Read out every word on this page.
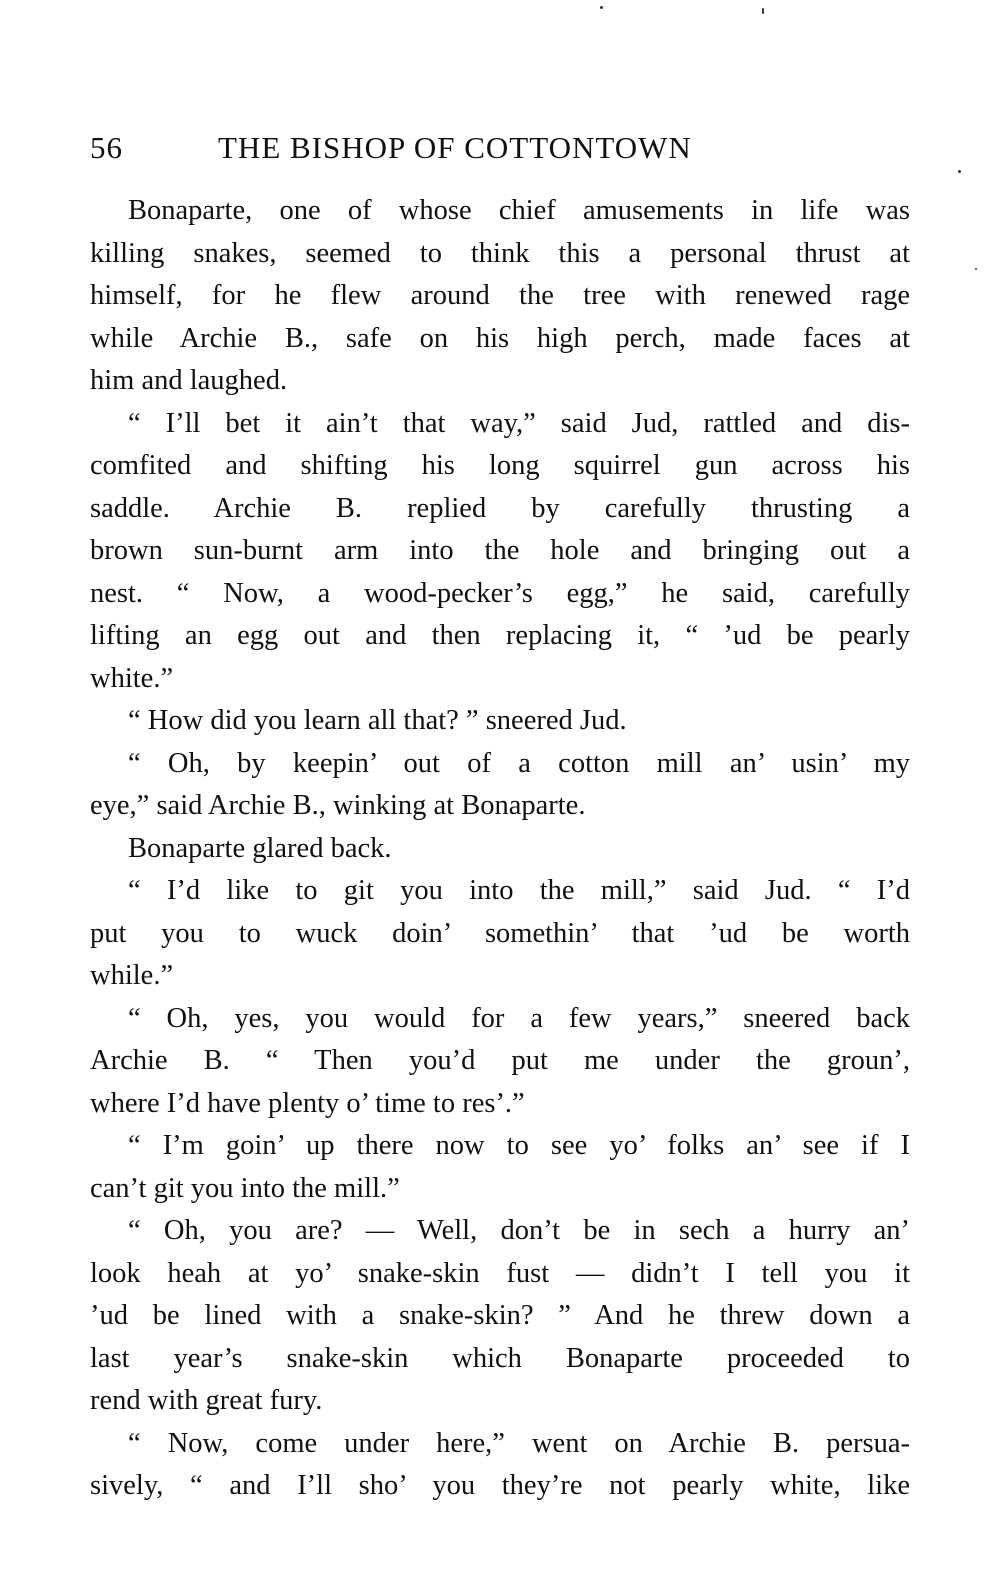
56	THE BISHOP OF COTTONTOWN
Bonaparte, one of whose chief amusements in life was
killing snakes, seemed to think this a personal thrust at
himself, for he flew around the tree with renewed rage
while Archie B., safe on his high perch, made faces at
him and laughed.
“ I’ll bet it ain’t that way,” said Jud, rattled and dis-
comfited and shifting his long squirrel gun across his
saddle. Archie B. replied by carefully thrusting a
brown sun-burnt arm into the hole and bringing out a
nest. “ Now, a wood-pecker’s egg,” he said, carefully
lifting an egg out and then replacing it, “ ’ud be pearly
white.”
“ How did you learn all that? ” sneered Jud.
“ Oh, by keepin’ out of a cotton mill an’ usin’ my
eye,” said Archie B., winking at Bonaparte.
Bonaparte glared back.
“ I’d like to git you into the mill,” said Jud. “ I’d
put you to wuck doin’ somethin’ that ’ud be worth
while.”
“ Oh, yes, you would for a few years,” sneered back
Archie B. “ Then you’d put me under the groun’,
where I’d have plenty o’ time to res’.”
“ I’m goin’ up there now to see yo’ folks an’ see if I
can’t git you into the mill.”
“ Oh, you are? — Well, don’t be in sech a hurry an’
look heah at yo’ snake-skin fust — didn’t I tell you it
’ud be lined with a snake-skin? ” And he threw down a
last year’s snake-skin which Bonaparte proceeded to
rend with great fury.
“ Now, come under here,” went on Archie B. persua-
sively, “ and I’ll sho’ you they’re not pearly white, like
